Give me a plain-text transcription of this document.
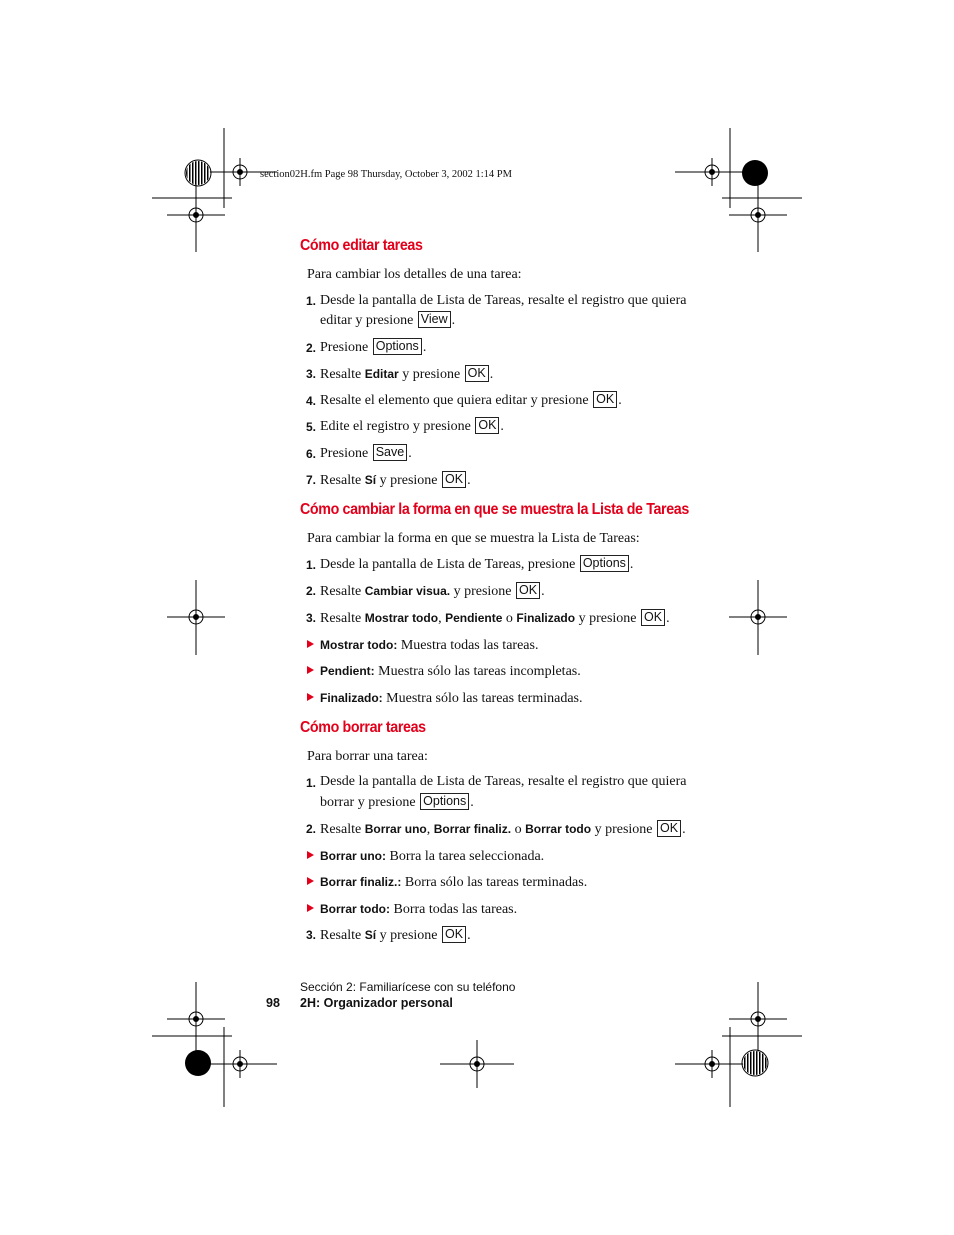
section02H.fm Page 98 Thursday, October 3, 2002 1:14 PM
Cómo editar tareas
Para cambiar los detalles de una tarea:
1. Desde la pantalla de Lista de Tareas, resalte el registro que quiera
editar y presione View .
2. Presione Options .
3. Resalte Editar y presione OK .
4. Resalte el elemento que quiera editar y presione OK .
5. Edite el registro y presione OK .
6. Presione Save .
7. Resalte Sí y presione OK .
Cómo cambiar la forma en que se muestra la Lista de Tareas
Para cambiar la forma en que se muestra la Lista de Tareas:
1. Desde la pantalla de Lista de Tareas, presione Options .
2. Resalte Cambiar visua. y presione OK .
3. Resalte Mostrar todo, Pendiente o Finalizado y presione OK .
Mostrar todo: Muestra todas las tareas.
Pendient: Muestra sólo las tareas incompletas.
Finalizado: Muestra sólo las tareas terminadas.
Cómo borrar tareas
Para borrar una tarea:
1. Desde la pantalla de Lista de Tareas, resalte el registro que quiera
borrar y presione Options .
2. Resalte Borrar uno, Borrar finaliz. o Borrar todo y presione OK .
Borrar uno: Borra la tarea seleccionada.
Borrar finaliz.: Borra sólo las tareas terminadas.
Borrar todo: Borra todas las tareas.
3. Resalte Sí y presione OK .
Sección 2: Familiarícese con su teléfono
98 2H: Organizador personal
